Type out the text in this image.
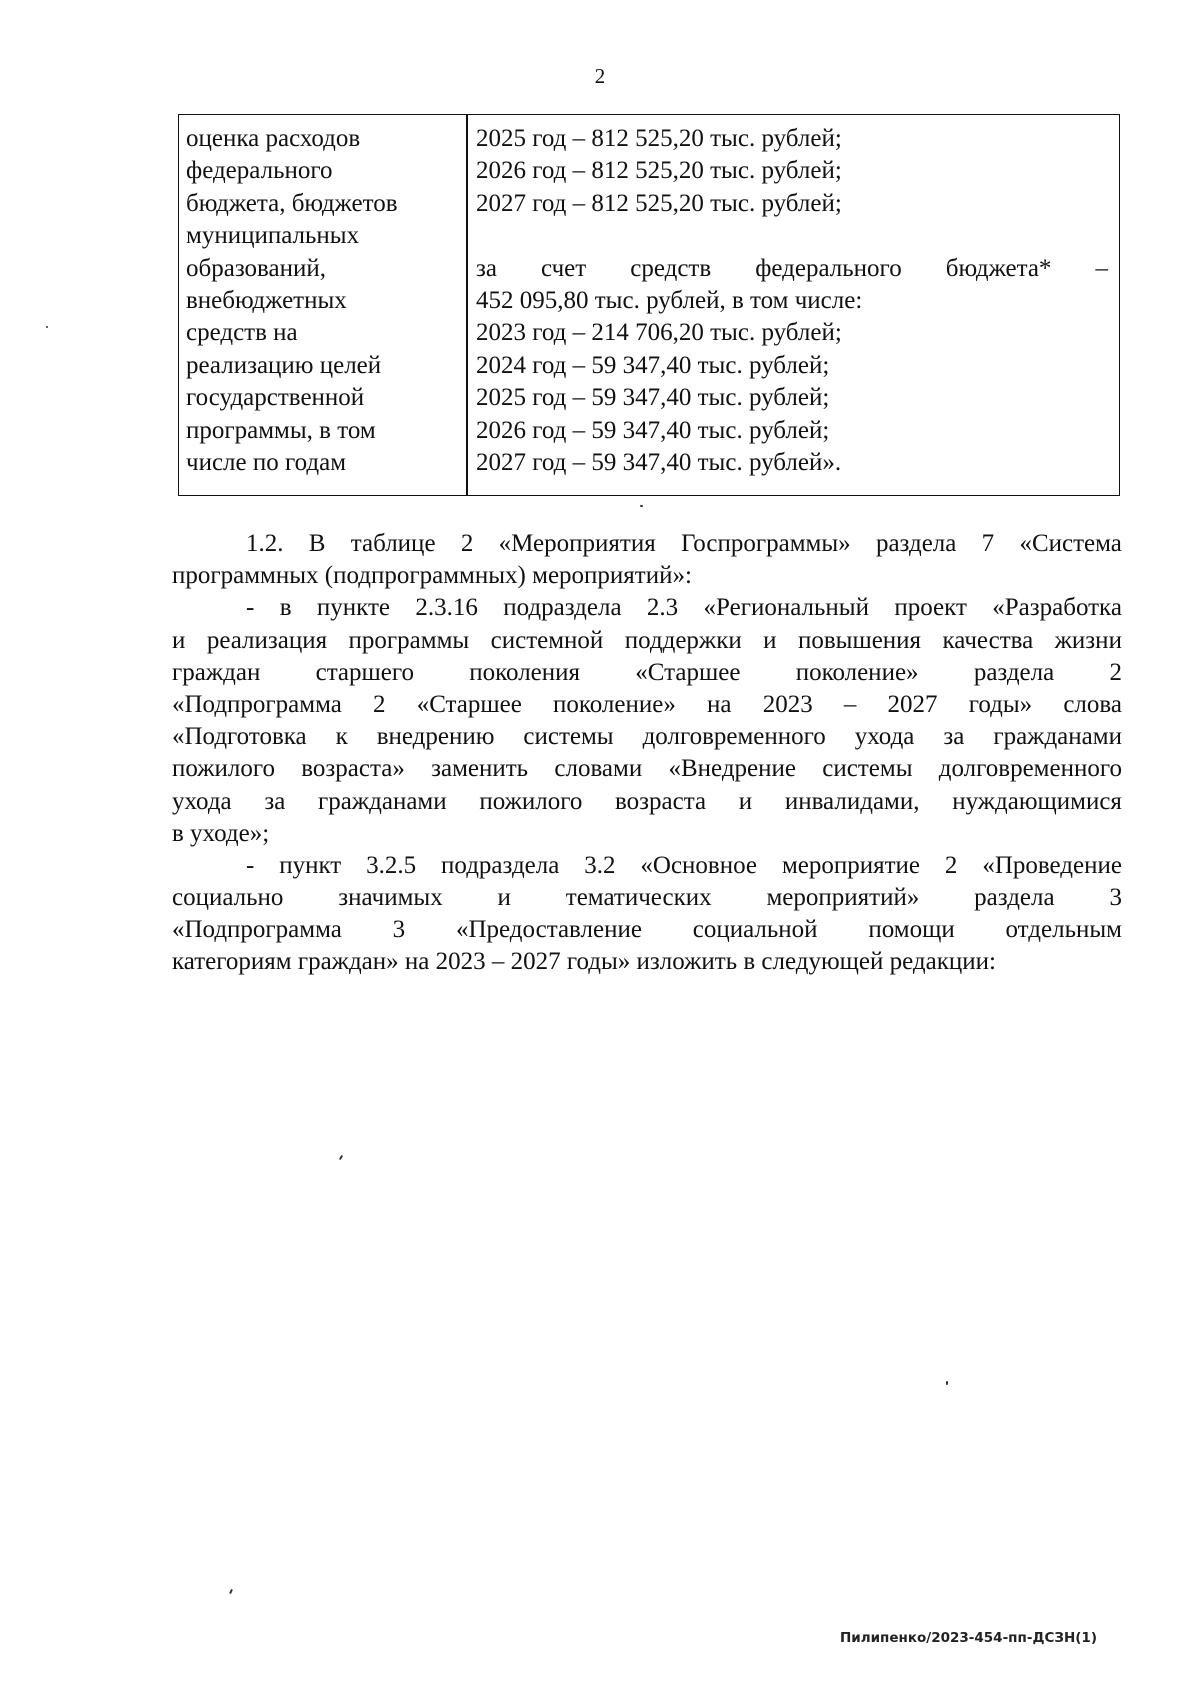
2
оценка расходов
федерального
бюджета, бюджетов
муниципальных
образований,
внебюджетных
средств на
реализацию целей
государственной
программы, в том
числе по годам
2025 год – 812 525,20 тыс. рублей;
2026 год – 812 525,20 тыс. рублей;
2027 год – 812 525,20 тыс. рублей;
за счет средств федерального бюджета* –
452 095,80 тыс. рублей, в том числе:
2023 год – 214 706,20 тыс. рублей;
2024 год – 59 347,40 тыс. рублей;
2025 год – 59 347,40 тыс. рублей;
2026 год – 59 347,40 тыс. рублей;
2027 год – 59 347,40 тыс. рублей».
1.2. В таблице 2 «Мероприятия Госпрограммы» раздела 7 «Система
программных (подпрограммных) мероприятий»:
- в пункте 2.3.16 подраздела 2.3 «Региональный проект «Разработка
и реализация программы системной поддержки и повышения качества жизни
граждан старшего поколения «Старшее поколение» раздела 2
«Подпрограмма 2 «Старшее поколение» на 2023 – 2027 годы» слова
«Подготовка к внедрению системы долговременного ухода за гражданами
пожилого возраста» заменить словами «Внедрение системы долговременного
ухода за гражданами пожилого возраста и инвалидами, нуждающимися
в уходе»;
- пункт 3.2.5 подраздела 3.2 «Основное мероприятие 2 «Проведение
социально значимых и тематических мероприятий» раздела 3
«Подпрограмма 3 «Предоставление социальной помощи отдельным
категориям граждан» на 2023 – 2027 годы» изложить в следующей редакции:
Пилипенко/2023-454-пп-ДСЗН(1)
